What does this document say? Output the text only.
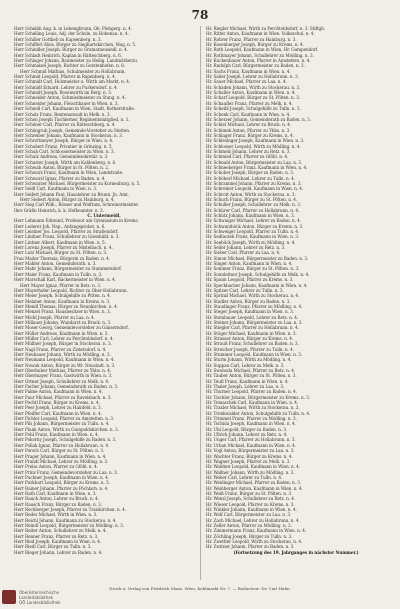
78
Herr Scheibli Aug. k. in Lebengbrunn, Ob. Plebgerg. n. 4.
Herr Schelling Louis, Adj. der Schule, zu Hohenau. n. 4.
Herr Schiller Gottlieb zu Kapsenberg. n. 3.
Herr Schifferl Alois, Bürger zu Sieghartskirchen, Mag. n. 5.
Herr Schindler Joseph, Bürger zu Gramatneusiedl. n. 4.
Herr Schladt Heinrich, Kaplan in Rätteschberg. n. 6.
Herr Schlager Johann, Baumeister zu Heilig. Landmärkerzu.
Herr Schmalzel Joseph, Richter zu Gerstenhofen. n. 8.
Herr Schmid Mathias, Schulmeister zu Hollabrunn.
Herr Schmid Leopold, Pfarrer in Rapenberg. n. 4.
Herr Schmidt Carl, Holzmeister u. Wirth am Markt, n. 4.
Herr Schmidt Eduard, Lehrer zu Purkersdorf. n. 4.
Herr Schmidt Joseph, Rosenwirth im Berg. n. 3.
Herr Schneider Anton, Schmiedmeister zu Stang. n. 4.
Herr Schneider Johann, Fleischhauer in Wien. n. 3.
Herr Schnell Carl, Kaufmann in Wien, Stadt, Rotherstraße.
Herr Scholz Franz, Rentenanwalt in Melk. n. 3.
Herr Schon Joseph Tischlerner, Regimentsmitglied, n. 1.
Herr Schöner Carl, Pfarrer zu Rätteschberg. n. 4.
Herr Schöngrub Joseph, Gemeinde-Vorsteher zu Stetten.
Herr Schreiber Johann, Kaufmann in Stockerau. n. 3.
Herr Schrottmeyer Joseph, Bürger in Wien. n. 4.
Herr Schubert Franz, Privatier in Grinzing. n. 5.
Herr Schuh Carl, Schlossermeister zu Wien. n. 3.
Herr Schulz Andreas, Gemeindesekretär. n. 3.
Herr Schuster Joseph, Wirth am Kahlenberg. n. 6.
Herr Schwab Anton, Bürger in St. Pölten. n. 2.
Herr Schwarz Franz, Kaufmann in Wien, Landstraße.
Herr Schwarzl Ignaz, Pfarrer zu Baden. n. 4.
Herr Schwarzer Michael, Bürgermeister zu Korneuburg. n. 5.
Herr Seidl Carl, Kaufmann in Wien. n. 3.
Herr Seifert Johann Paul, Hauslehrer zu Brunn. Jn. Amt.
Herr Siebert Anton, Bürger zu Hainburg. n. 4.
Herr Sieg Carl Wilh., Rösser und Wolfram, Schreinermeister.
Ihre Gräfin Heinrich, k. k. Hofbeamter. n. 3.
C. Untermeidl.
Herr Lehmann Edmund, Professor am Gymnasium in Krems.
Herr Lederer Joh. Nep., Anfangsprobst. n. 6.
Herr Leistner Jos. Leopold, Pfarrer zu Straßendorf.
Herr Lindner Franz, Schullehrer zu Giesshübl. n. 3.
Herr Lintner Albert, Kaufmann in Wien. n. 5.
Herr Lorenz Joseph, Pfarrer zu Mistelbach. n. 4.
Herr Lutz Michael, Bürger zu St. Pölten. n. 3.
Frau Mader Theresia, Bürgerin zu Baden. n. 4.
Herr Mahler Anton, Gemeinderath. n. 3.
Herr Mahr Johann, Bürgermeister zu Stammersdorf.
Herr Maier Franz, Kaufmann in Tulln. n. 3.
Herr Marschall Karl, Bäckermeister in Wien. n. 4.
Herr Mayer Ignaz, Pfarrer in Retz. n. 3.
Herr Mayerhofer Leopold, Richter zu Ober-Hollabrunn.
Herr Meier Joseph, Schulgehilfe zu Pitten. n. 4.
Herr Meixner Anton, Kaufmann in Krems. n. 3.
Herr Mendl Thomas, Bürger zu Neunkirchen. n. 4.
Herr Menzel Franz, Hausbesitzer in Wien. n. 3.
Herr Michl Joseph, Pfarrer zu Laa. n. 4.
Herr Millauer Johann, Wundarzt zu Bruck. n. 3.
Herr Moser Georg, Gemeindevorsteher zu Gänserndorf.
Herr Müller Andreas, Kaufmann in Wien. n. 3.
Herr Müller Carl, Lehrer zu Perchtoldsdorf. n. 4.
Herr Müllner Joseph, Bürger in Stockerau. n. 3.
Herr Nagl Franz, Pfarrer zu Zistersdorf. n. 4.
Herr Neubauer Johann, Wirth zu Mödling. n. 3.
Herr Neumann Leopold, Kaufmann in Wien. n. 4.
Herr Nowak Anton, Bürger zu Wr. Neustadt. n. 3.
Herr Oberhuber Mathias, Pfarrer zu Ybbs. n. 4.
Herr Obermayer Franz, Gastwirth in Wien. n. 3.
Herr Ortner Joseph, Schullehrer zu Melk. n. 4.
Herr Pacher Johann, Gemeinderath zu Baden. n. 3.
Herr Palme Anton, Kaufmann in Wien. n. 4.
Herr Paur Michael, Pfarrer zu Ravelsbach. n. 3.
Herr Pechtl Franz, Bürger zu Krems. n. 4.
Herr Peer Joseph, Lehrer zu Hainfeld. n. 3.
Herr Pfeiffer Carl, Kaufmann in Wien. n. 4.
Herr Pichler Leopold, Pfarrer zu Amstetten. n. 3.
Herr Pils Johann, Bürgermeister zu Tulln. n. 4.
Herr Plank Anton, Wirth zu Gumpoldskirchen. n. 3.
Herr Pohl Franz, Kaufmann in Wien. n. 4.
Herr Pokorny Joseph, Schulgehilfe zu Baden. n. 3.
Herr Pollak Ignaz, Pfarrer zu Hollabrunn. n. 4.
Herr Porsch Carl, Bürger zu St. Pölten. n. 3.
Herr Prager Johann, Kaufmann in Wien. n. 4.
Herr Prandl Michael, Lehrer zu Mödling. n. 3.
Herr Preiss Anton, Pfarrer zu Gföhl. n. 4.
Herr Prinz Franz, Gemeindevorsteher zu Laa. n. 3.
Herr Puchner Joseph, Kaufmann in Wien. n. 4.
Herr Purkhart Leopold, Bürger zu Krems. n. 3.
Herr Rainer Johann, Pfarrer zu Pöchlarn. n. 4.
Herr Rath Carl, Kaufmann in Wien. n. 3.
Herr Rauch Anton, Lehrer zu Bruck. n. 4.
Herr Rausch Franz, Bürger zu Baden. n. 3.
Herr Rechberger Joseph, Pfarrer zu Traiskirchen. n. 4.
Herr Reder Michael, Wirth in Wien. n. 3.
Herr Reichl Johann, Kaufmann zu Stockerau. n. 4.
Herr Reindl Leopold, Bürgermeister zu Mödling. n. 3.
Herr Reiter Anton, Schullehrer zu Melk. n. 4.
Herr Renner Franz, Pfarrer zu Retz. n. 3.
Herr Ried Joseph, Kaufmann in Wien. n. 4.
Herr Riedl Carl, Bürger zu Tulln. n. 3.
Herr Rieger Johann, Lehrer zu Baden. n. 4.
Hr. Riegler Michael, Wirth zu Perchtoldsdorf, n. 3. Stiftgb.
Hr. Ritter Anton, Kaufmann in Wien. Volksschul. n. 4.
Hr. Rohrer Franz, Pfarrer zu Hainburg. n. 3.
Hr. Rosenberger Joseph, Bürger zu Krems. n. 4.
Hr. Roth Leopold, Kaufmann in Wien, Hr. Gumpendorf.
Hr. Rothmayer Johann, Schullehrer zu Mödling. n. 3.
Hr. Ruckenbauer Anton, Pfarrer in Amstetten. n. 4.
Hr. Rudolph Carl, Bürgermeister zu Baden. n. 3.
Hr. Sachs Franz, Kaufmann in Wien. n. 4.
Hr. Sailer Joseph, Lehrer zu Hollabrunn. n. 3.
Hr. Sauer Michael, Pfarrer zu Laa. n. 4.
Hr. Schaden Johann, Wirth zu Stockerau. n. 3.
Hr. Schaller Anton, Kaufmann in Wien. n. 4.
Hr. Scharf Leopold, Bürger zu St. Pölten. n. 3.
Hr. Schaufler Franz, Pfarrer zu Melk. n. 4.
Hr. Scheibl Joseph, Schulgehilfe zu Tulln. n. 3.
Hr. Schenk Carl, Kaufmann in Wien. n. 4.
Hr. Scherzer Johann, Gemeinderath zu Baden. n. 3.
Hr. Schiel Michael, Lehrer zu Bruck. n. 4.
Hr. Schimek Anton, Pfarrer zu Ybbs. n. 3.
Hr. Schlager Franz, Bürger zu Krems. n. 4.
Hr. Schlesinger Joseph, Kaufmann in Wien. n. 3.
Hr. Schlosser Leopold, Wirth zu Mödling. n. 4.
Hr. Schmelz Johann, Lehrer zu Retz. n. 3.
Hr. Schmied Carl, Pfarrer zu Gföhl. n. 4.
Hr. Schnabl Anton, Bürgermeister zu Laa. n. 3.
Hr. Schneeberger Franz, Kaufmann in Wien. n. 4.
Hr. Schober Joseph, Bürger zu Baden. n. 3.
Hr. Schöberl Michael, Lehrer zu Tulln. n. 4.
Hr. Schrammel Johann, Pfarrer zu Krems. n. 3.
Hr. Schreiner Leopold, Kaufmann in Wien. n. 4.
Hr. Schrott Anton, Wirth zu Stockerau. n. 3.
Hr. Schuch Franz, Bürger zu St. Pölten. n. 4.
Hr. Schuller Joseph, Schullehrer zu Melk. n. 3.
Hr. Schürer Carl, Pfarrer zu Hollabrunn. n. 4.
Hr. Schütz Johann, Kaufmann in Wien. n. 3.
Hr. Schwaiger Michael, Lehrer zu Baden. n. 4.
Hr. Schwarzböck Anton, Bürger zu Krems. n. 3.
Hr. Schweiger Leopold, Pfarrer zu Tulln. n. 4.
Hr. Sedlaczek Franz, Kaufmann in Wien. n. 3.
Hr. Seeböck Joseph, Wirth zu Mödling. n. 4.
Hr. Seiler Johann, Lehrer zu Retz. n. 3.
Hr. Sieber Carl, Pfarrer zu Laa. n. 4.
Hr. Simon Michael, Bürgermeister zu Baden. n. 3.
Hr. Singer Anton, Kaufmann in Wien. n. 4.
Hr. Sommer Franz, Bürger zu St. Pölten. n. 3.
Hr. Sonnleitner Joseph, Schulgehilfe zu Melk. n. 4.
Hr. Spann Leopold, Pfarrer zu Krems. n. 3.
Hr. Speckbacher Johann, Kaufmann in Wien. n. 4.
Hr. Spitzer Carl, Lehrer zu Tulln. n. 3.
Hr. Sprinzl Michael, Wirth zu Stockerau. n. 4.
Hr. Stadler Anton, Bürger zu Baden. n. 3.
Hr. Staudinger Franz, Pfarrer zu Mödling. n. 4.
Hr. Steger Joseph, Kaufmann in Wien. n. 3.
Hr. Steinbauer Leopold, Lehrer zu Retz. n. 4.
Hr. Steiner Johann, Bürgermeister zu Laa. n. 3.
Hr. Stiegler Carl, Pfarrer zu Hollabrunn. n. 4.
Hr. Stöger Michael, Kaufmann in Wien. n. 3.
Hr. Strasser Anton, Bürger zu Krems. n. 4.
Hr. Strauß Franz, Schullehrer zu Baden. n. 3.
Hr. Streicher Joseph, Pfarrer zu Tulln. n. 4.
Hr. Stummer Leopold, Kaufmann in Wien. n. 3.
Hr. Sturm Johann, Wirth zu Mödling. n. 4.
Hr. Suppan Carl, Lehrer zu Melk. n. 3.
Hr. Swoboda Michael, Pfarrer zu Retz. n. 4.
Hr. Tauber Anton, Bürger zu St. Pölten. n. 3.
Hr. Teufl Franz, Kaufmann in Wien. n. 4.
Hr. Thaler Joseph, Lehrer zu Laa. n. 3.
Hr. Thurner Leopold, Pfarrer zu Baden. n. 4.
Hr. Tischler Johann, Bürgermeister zu Krems. n. 3.
Hr. Tomaschek Carl, Kaufmann in Wien. n. 4.
Hr. Traxler Michael, Wirth zu Stockerau. n. 3.
Hr. Trenkwalder Anton, Schulgehilfe zu Tulln. n. 4.
Hr. Trimmel Franz, Pfarrer zu Mödling. n. 3.
Hr. Tschida Joseph, Kaufmann in Wien. n. 4.
Hr. Uhl Leopold, Bürger zu Baden. n. 3.
Hr. Ullrich Johann, Lehrer zu Retz. n. 4.
Hr. Unger Carl, Pfarrer zu Hollabrunn. n. 3.
Hr. Urban Michael, Kaufmann in Wien. n. 4.
Hr. Vogl Anton, Bürgermeister zu Laa. n. 3.
Hr. Wachter Franz, Bürger zu Krems. n. 4.
Hr. Wagner Joseph, Pfarrer zu Melk. n. 3.
Hr. Waldner Leopold, Kaufmann in Wien. n. 4.
Hr. Wallner Johann, Wirth zu Mödling. n. 3.
Hr. Weber Carl, Lehrer zu Tulln. n. 4.
Hr. Weidinger Michael, Pfarrer zu Baden. n. 3.
Hr. Weinberger Anton, Kaufmann in Wien. n. 4.
Hr. Weiß Franz, Bürger zu St. Pölten. n. 3.
Hr. Wenzl Joseph, Schullehrer zu Retz. n. 4.
Hr. Wieser Leopold, Pfarrer zu Krems. n. 3.
Hr. Winkler Johann, Kaufmann in Wien. n. 4.
Hr. Wolf Carl, Bürgermeister zu Laa. n. 3.
Hr. Zach Michael, Lehrer zu Hollabrunn. n. 4.
Hr. Zeller Anton, Pfarrer zu Mödling. n. 3.
Hr. Zimmermann Franz, Kaufmann in Wien. n. 4.
Hr. Zöchling Joseph, Bürger zu Tulln. n. 3.
Hr. Zwettler Leopold, Wirth zu Stockerau. n. 4.
Hr. Zwirner Johann, Pfarrer zu Baden. n. 3.
(Fortsetzung des 19. Jahrganges in nächster Nummer.)
Druck u. Verlag von Friedrich Manz, Wien, Kohlmarkt Nr. 7. — Redacteur: Dr. Carl Hahn.
Oberösterreichische
Landesbibliothek
OÖ Landesbibliothek
